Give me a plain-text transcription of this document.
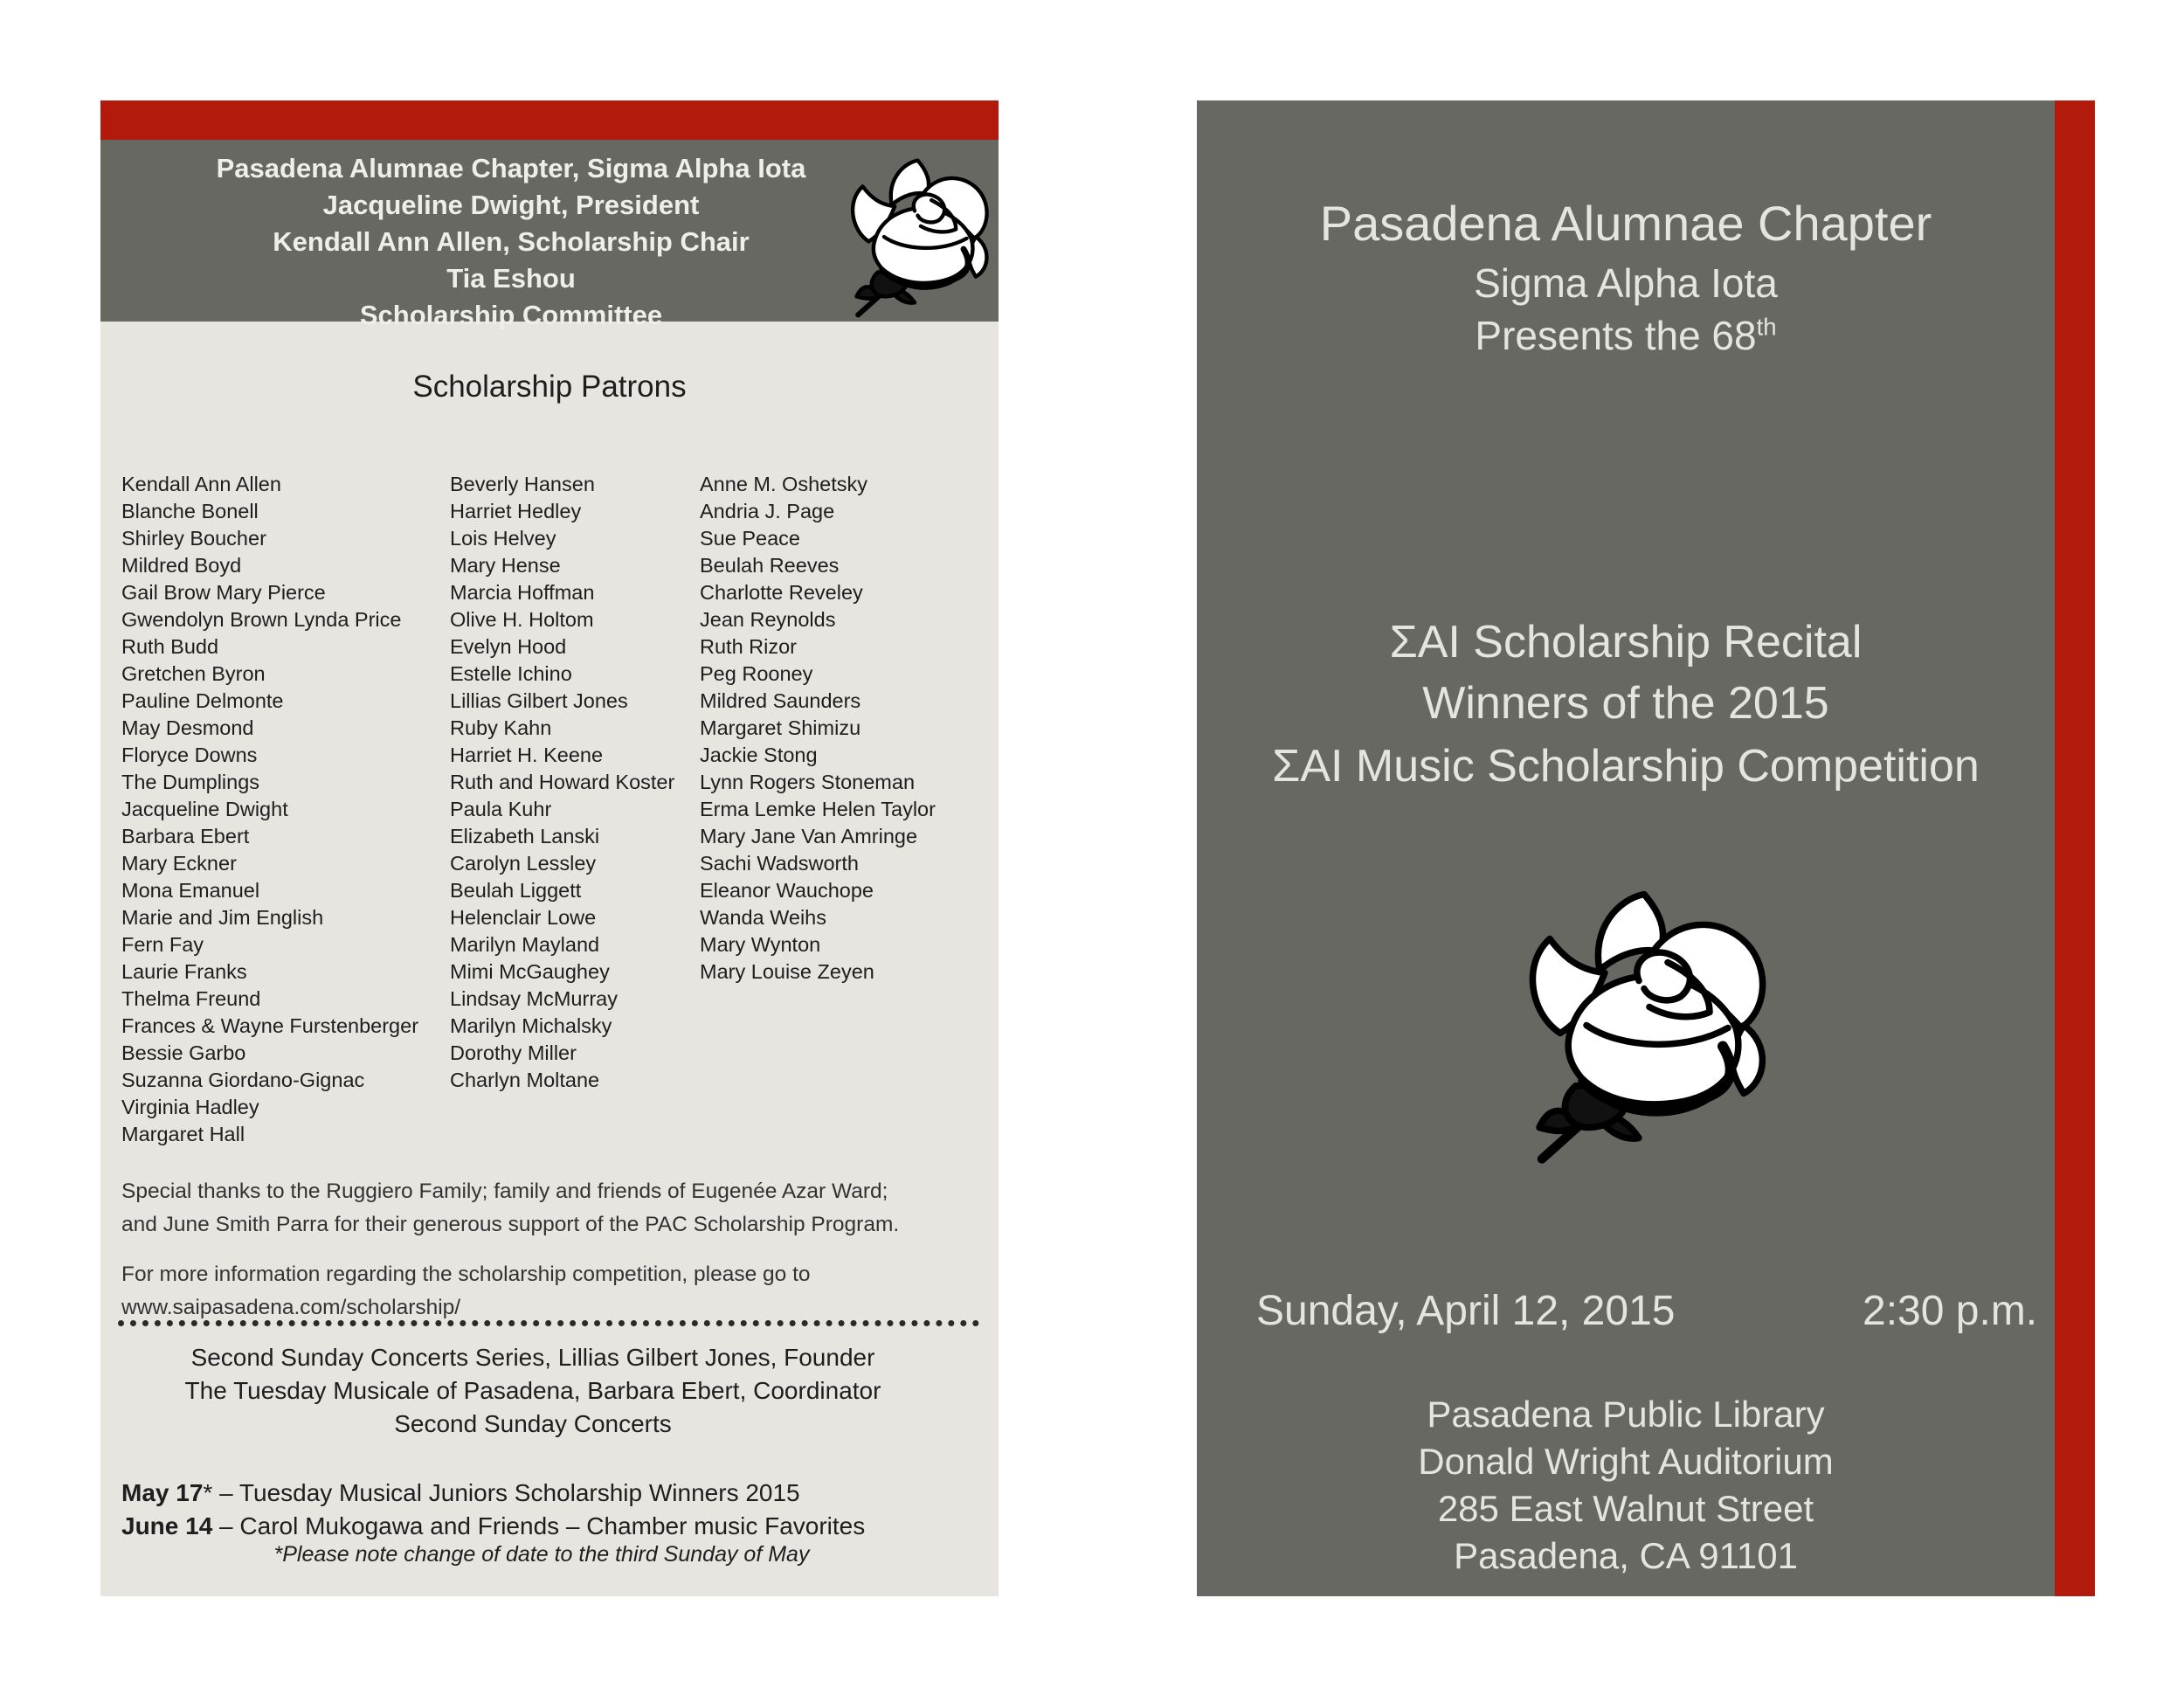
Pasadena Alumnae Chapter, Sigma Alpha Iota
Jacqueline Dwight, President
Kendall Ann Allen, Scholarship Chair
Tia Eshou
Scholarship Committee
Scholarship Patrons
Kendall Ann Allen
Blanche Bonell
Shirley Boucher
Mildred Boyd
Gail Brow Mary Pierce
Gwendolyn Brown Lynda Price
Ruth Budd
Gretchen Byron
Pauline Delmonte
May Desmond
Floryce Downs
The Dumplings
Jacqueline Dwight
Barbara Ebert
Mary Eckner
Mona Emanuel
Marie and Jim English
Fern Fay
Laurie Franks
Thelma Freund
Frances & Wayne Furstenberger
Bessie Garbo
Suzanna Giordano-Gignac
Virginia Hadley
Margaret Hall
Beverly Hansen
Harriet Hedley
Lois Helvey
Mary Hense
Marcia Hoffman
Olive H. Holtom
Evelyn Hood
Estelle Ichino
Lillias Gilbert Jones
Ruby Kahn
Harriet H. Keene
Ruth and Howard Koster
Paula Kuhr
Elizabeth Lanski
Carolyn Lessley
Beulah Liggett
Helenclair Lowe
Marilyn Mayland
Mimi McGaughey
Lindsay McMurray
Marilyn Michalsky
Dorothy Miller
Charlyn Moltane
Anne M. Oshetsky
Andria J. Page
Sue Peace
Beulah Reeves
Charlotte Reveley
Jean Reynolds
Ruth Rizor
Peg Rooney
Mildred Saunders
Margaret Shimizu
Jackie Stong
Lynn Rogers Stoneman
Erma Lemke Helen Taylor
Mary Jane Van Amringe
Sachi Wadsworth
Eleanor Wauchope
Wanda Weihs
Mary Wynton
Mary Louise Zeyen
Special thanks to the Ruggiero Family; family and friends of Eugenée Azar Ward;
and June Smith Parra for their generous support of the PAC Scholarship Program.
For more information regarding the scholarship competition, please go to
www.saipasadena.com/scholarship/
Second Sunday Concerts Series, Lillias Gilbert Jones, Founder
The Tuesday Musicale of Pasadena, Barbara Ebert, Coordinator
Second Sunday Concerts
May 17* – Tuesday Musical Juniors Scholarship Winners 2015
June 14 – Carol Mukogawa and Friends – Chamber music Favorites
*Please note change of date to the third Sunday of May
Pasadena Alumnae Chapter
Sigma Alpha Iota
Presents the 68th
ΣΑΙ Scholarship Recital
Winners of the 2015
ΣAI Music Scholarship Competition
Sunday, April 12, 2015	2:30 p.m.
Pasadena Public Library
Donald Wright Auditorium
285 East Walnut Street
Pasadena, CA 91101
